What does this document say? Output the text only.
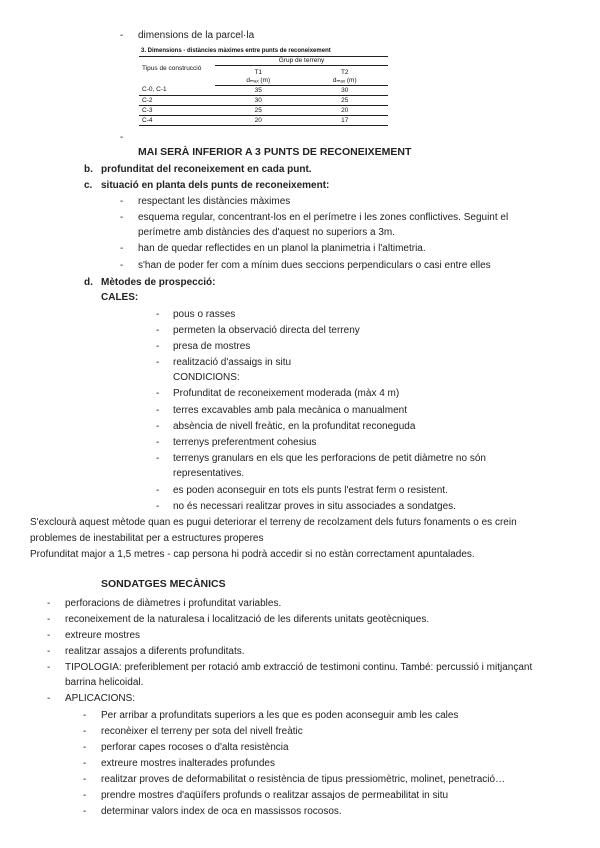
- dimensions de la parcel·la
3. Dimensions - distàncies màximes entre punts de reconeixement		
Tipus de construcció	Grup de terreny	
	T1	T2
	dₘₐₓ (m)	dₘₐₓ (m)
C-0, C-1	35	30
C-2	30	25
C-3	25	20
C-4	20	17
-
MAI SERÀ INFERIOR A 3 PUNTS DE RECONEIXEMENT
b. profunditat del reconeixement en cada punt.
c. situació en planta dels punts de reconeixement:
- respectant les distàncies màximes
- esquema regular, concentrant-los en el perímetre i les zones conflictives. Seguint el
perímetre amb distàncies des d'aquest no superiors a 3m.
- han de quedar reflectides en un planol la planimetria i l'altimetria.
- s'han de poder fer com a mínim dues seccions perpendiculars o casi entre elles
d. Mètodes de prospecció:
CALES:
- pous o rasses
- permeten la observació directa del terreny
- presa de mostres
- realització d'assaigs in situ
CONDICIONS:
- Profunditat de reconeixement moderada (màx 4 m)
- terres excavables amb pala mecànica o manualment
- absència de nivell freàtic, en la profunditat reconeguda
- terrenys preferentment cohesius
- terrenys granulars en els que les perforacions de petit diàmetre no són
representatives.
- es poden aconseguir en tots els punts l'estrat ferm o resistent.
- no és necessari realitzar proves in situ associades a sondatges.
S'exclourà aquest mètode quan es pugui deteriorar el terreny de recolzament dels futurs fonaments o es crein
problemes de inestabilitat per a estructures properes
Profunditat major a 1,5 metres - cap persona hi podrà accedir si no estàn correctament apuntalades.
SONDATGES MECÀNICS
- perforacions de diàmetres i profunditat variables.
- reconeixement de la naturalesa i localització de les diferents unitats geotècniques.
- extreure mostres
- realitzar assajos a diferents profunditats.
- TIPOLOGIA: preferiblement per rotació amb extracció de testimoni continu. També: percussió i mitjançant
barrina helicoidal.
- APLICACIONS:
- Per arribar a profunditats superiors a les que es poden aconseguir amb les cales
- reconèixer el terreny per sota del nivell freàtic
- perforar capes rocoses o d'alta resistència
- extreure mostres inalterades profundes
- realitzar proves de deformabilitat o resistència de tipus pressiomètric, molinet, penetració…
- prendre mostres d'aqüífers profunds o realitzar assajos de permeabilitat in situ
- determinar valors index de oca en massissos rocosos.
